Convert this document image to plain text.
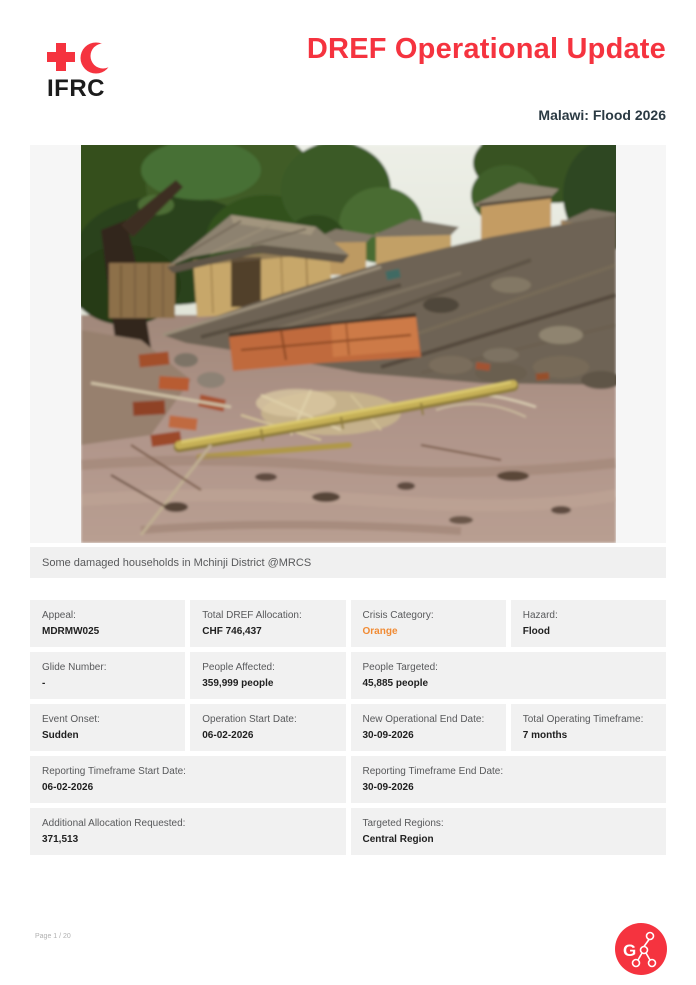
IFRC
DREF Operational Update
Malawi: Flood 2026
Some damaged households in Mchinji District @MRCS
Appeal:
MDRMW025
Total DREF Allocation:
CHF 746,437
Crisis Category:
Orange
Hazard:
Flood
Glide Number:
-
People Affected:
359,999 people
People Targeted:
45,885 people
Event Onset:
Sudden
Operation Start Date:
06-02-2026
New Operational End Date:
30-09-2026
Total Operating Timeframe:
7 months
Reporting Timeframe Start Date:
06-02-2026
Reporting Timeframe End Date:
30-09-2026
Additional Allocation Requested:
371,513
Targeted Regions:
Central Region
Page 1 / 20
G
